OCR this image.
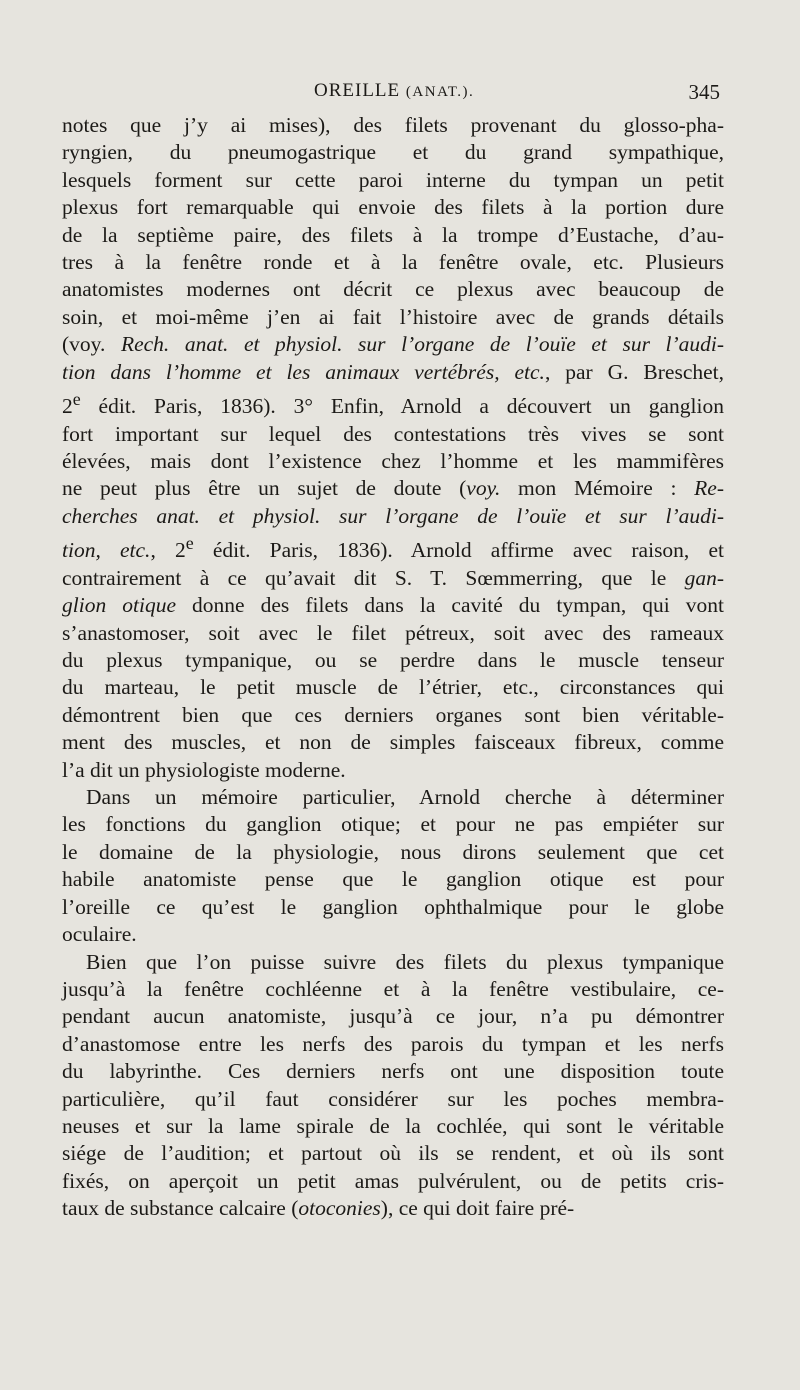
OREILLE (ANAT.).	345
notes que j’y ai mises), des filets provenant du glosso-pha-
ryngien, du pneumogastrique et du grand sympathique,
lesquels forment sur cette paroi interne du tympan un petit
plexus fort remarquable qui envoie des filets à la portion dure
de la septième paire, des filets à la trompe d’Eustache, d’au-
tres à la fenêtre ronde et à la fenêtre ovale, etc. Plusieurs
anatomistes modernes ont décrit ce plexus avec beaucoup de
soin, et moi-même j’en ai fait l’histoire avec de grands détails
(voy. Rech. anat. et physiol. sur l’organe de l’ouïe et sur l’audi-
tion dans l’homme et les animaux vertébrés, etc., par G. Breschet,
2e édit. Paris, 1836). 3° Enfin, Arnold a découvert un ganglion
fort important sur lequel des contestations très vives se sont
élevées, mais dont l’existence chez l’homme et les mammifères
ne peut plus être un sujet de doute (voy. mon Mémoire : Re-
cherches anat. et physiol. sur l’organe de l’ouïe et sur l’audi-
tion, etc., 2e édit. Paris, 1836). Arnold affirme avec raison, et
contrairement à ce qu’avait dit S. T. Sœmmerring, que le gan-
glion otique donne des filets dans la cavité du tympan, qui vont
s’anastomoser, soit avec le filet pétreux, soit avec des rameaux
du plexus tympanique, ou se perdre dans le muscle tenseur
du marteau, le petit muscle de l’étrier, etc., circonstances qui
démontrent bien que ces derniers organes sont bien véritable-
ment des muscles, et non de simples faisceaux fibreux, comme
l’a dit un physiologiste moderne.
Dans un mémoire particulier, Arnold cherche à déterminer
les fonctions du ganglion otique; et pour ne pas empiéter sur
le domaine de la physiologie, nous dirons seulement que cet
habile anatomiste pense que le ganglion otique est pour
l’oreille ce qu’est le ganglion ophthalmique pour le globe
oculaire.
Bien que l’on puisse suivre des filets du plexus tympanique
jusqu’à la fenêtre cochléenne et à la fenêtre vestibulaire, ce-
pendant aucun anatomiste, jusqu’à ce jour, n’a pu démontrer
d’anastomose entre les nerfs des parois du tympan et les nerfs
du labyrinthe. Ces derniers nerfs ont une disposition toute
particulière, qu’il faut considérer sur les poches membra-
neuses et sur la lame spirale de la cochlée, qui sont le véritable
siége de l’audition; et partout où ils se rendent, et où ils sont
fixés, on aperçoit un petit amas pulvérulent, ou de petits cris-
taux de substance calcaire (otoconies), ce qui doit faire pré-
